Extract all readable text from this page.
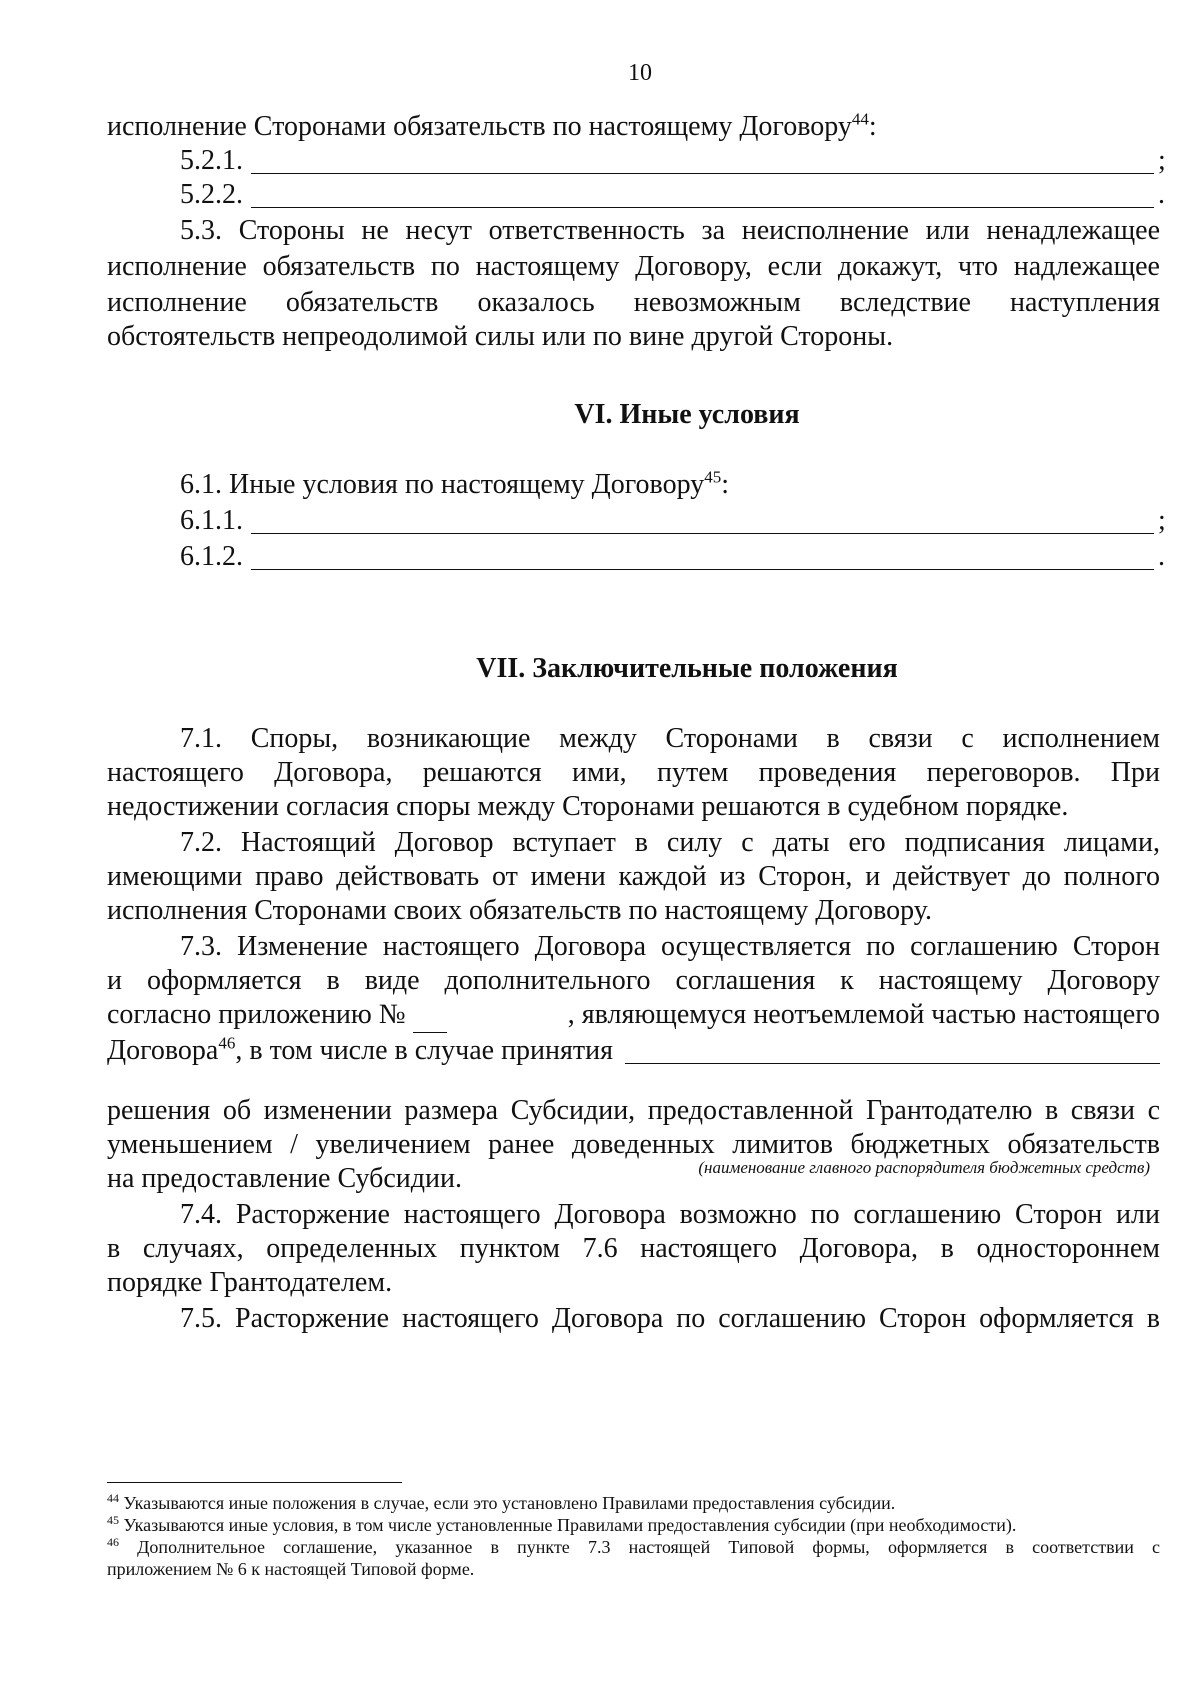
10
исполнение Сторонами обязательств по настоящему Договору$^{44}$:
5.2.1.	;
5.2.2.	.
5.3. Стороны не несут ответственность за неисполнение или ненадлежащее
исполнение обязательств по настоящему Договору, если докажут, что надлежащее
исполнение обязательств оказалось невозможным вследствие наступления
обстоятельств непреодолимой силы или по вине другой Стороны.
VI. Иные условия
6.1. Иные условия по настоящему Договору$^{45}$:
6.1.1.	;
6.1.2.	.
VII. Заключительные положения
7.1. Споры, возникающие между Сторонами в связи с исполнением
настоящего Договора, решаются ими, путем проведения переговоров. При
недостижении согласия споры между Сторонами решаются в судебном порядке.
7.2. Настоящий Договор вступает в силу с даты его подписания лицами,
имеющими право действовать от имени каждой из Сторон, и действует до полного
исполнения Сторонами своих обязательств по настоящему Договору.
7.3. Изменение настоящего Договора осуществляется по соглашению Сторон
и оформляется в виде дополнительного соглашения к настоящему Договору
согласно приложению №	, являющемуся неотъемлемой частью настоящего
Договора$^{46}$, в том числе в случае принятия
(наименование главного распорядителя бюджетных средств)
решения об изменении размера Субсидии, предоставленной Грантодателю в связи с
уменьшением / увеличением ранее доведенных лимитов бюджетных обязательств
на предоставление Субсидии.
7.4. Расторжение настоящего Договора возможно по соглашению Сторон или
в случаях, определенных пунктом 7.6 настоящего Договора, в одностороннем
порядке Грантодателем.
7.5. Расторжение настоящего Договора по соглашению Сторон оформляется в
$^{44}$ Указываются иные положения в случае, если это установлено Правилами предоставления субсидии.
$^{45}$ Указываются иные условия, в том числе установленные Правилами предоставления субсидии (при необходимости).
$^{46}$ Дополнительное соглашение, указанное в пункте 7.3 настоящей Типовой формы, оформляется в соответствии с
приложением № 6 к настоящей Типовой форме.
